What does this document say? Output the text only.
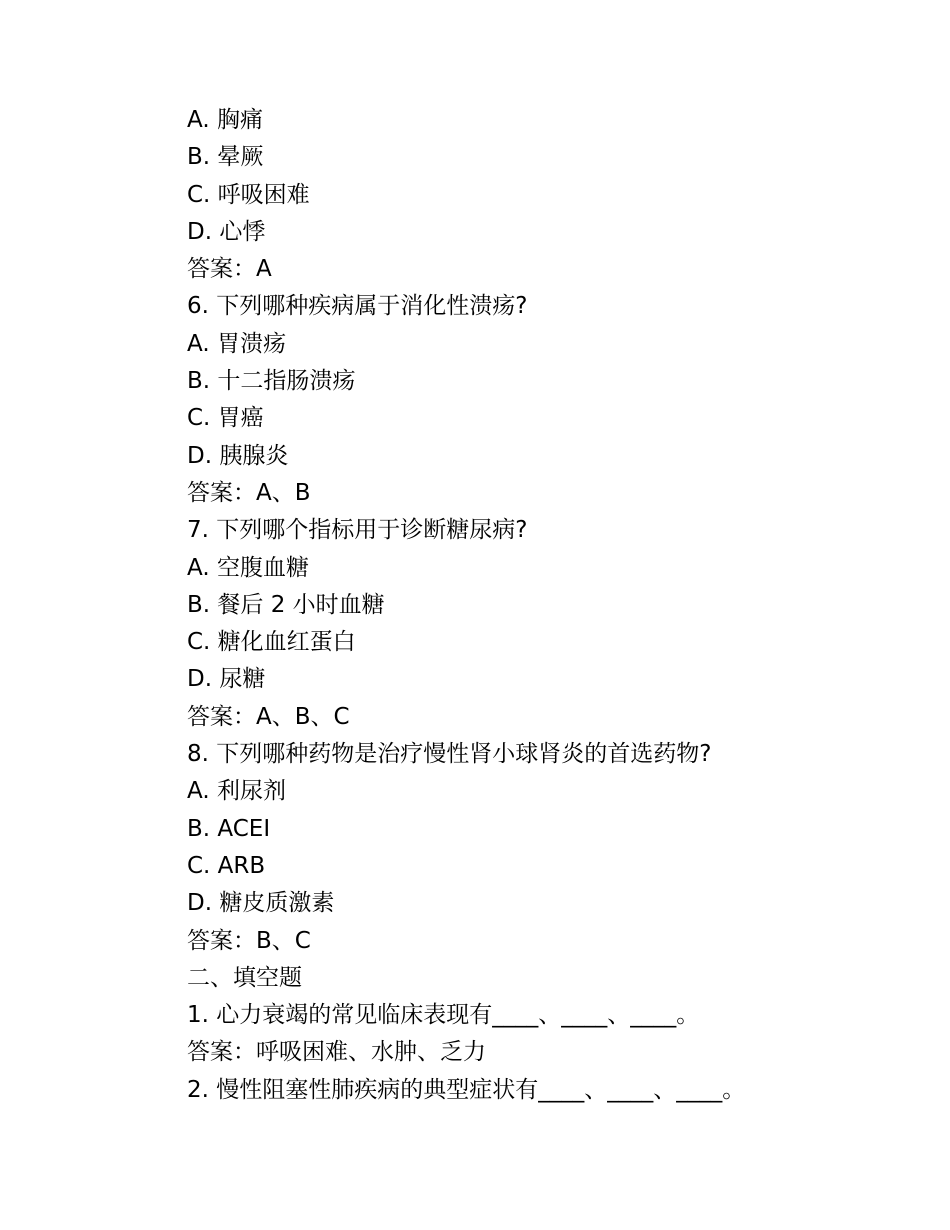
A. 胸痛
B. 晕厥
C. 呼吸困难
D. 心悸
答案：A
6. 下列哪种疾病属于消化性溃疡?
A. 胃溃疡
B. 十二指肠溃疡
C. 胃癌
D. 胰腺炎
答案：A、B
7. 下列哪个指标用于诊断糖尿病?
A. 空腹血糖
B. 餐后 2 小时血糖
C. 糖化血红蛋白
D. 尿糖
答案：A、B、C
8. 下列哪种药物是治疗慢性肾小球肾炎的首选药物?
A. 利尿剂
B. ACEI
C. ARB
D. 糖皮质激素
答案：B、C
二、填空题
1. 心力衰竭的常见临床表现有____、____、____。
答案：呼吸困难、水肿、乏力
2. 慢性阻塞性肺疾病的典型症状有____、____、____。
